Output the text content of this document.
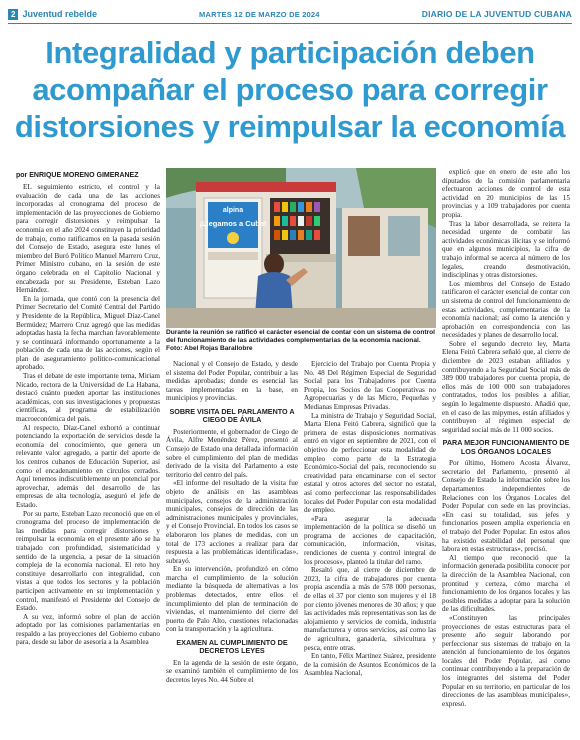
2 Juventud rebelde	MARTES 12 DE MARZO DE 2024	DIARIO DE LA JUVENTUD CUBANA
Integralidad y participación deben acompañar el proceso para corregir distorsiones y reimpulsar la economía
por ENRIQUE MORENO GIMERANEZ

EL seguimiento estricto, el control y la evaluación de cada una de las acciones incorporadas al cronograma del proceso de implementación de las proyecciones de Gobierno para corregir distorsiones y reimpulsar la economía en el año 2024 constituyen la prioridad de trabajo, como ratificamos en la pasada sesión del Consejo de Estado, asegura este lunes el miembro del Buró Político Manuel Marrero Cruz, Primer Ministro cubano, en la sesión de este órgano celebrada en el Capitolio Nacional y encabezada por su Presidente, Esteban Lazo Hernández.

En la jornada, que contó con la presencia del Primer Secretario del Comité Central del Partido y Presidente de la República, Miguel Díaz-Canel Bermúdez; Marrero Cruz agregó que las medidas adoptadas hasta la fecha marchan favorablemente y se continuará informando oportunamente a la población de cada una de las acciones, según el plan de aseguramiento político-comunicacional aprobado.

Tras el debate de este importante tema, Miriam Nicado, rectora de la Universidad de La Habana, destacó cuánto pueden aportar las instituciones académicas, con sus investigaciones y propuestas científicas, al programa de estabilización macroeconómica del país.

Al respecto, Díaz-Canel exhortó a continuar potenciando la exportación de servicios desde la economía del conocimiento, que genera un relevante valor agregado, a partir del aporte de los centros cubanos de Educación Superior, así como el encadenamiento en círculos cerrados. Aquí tenemos indiscutiblemente un potencial por aprovechar, además del desarrollo de las empresas de alta tecnología, aseguró el jefe de Estado.

Por su parte, Esteban Lazo reconoció que en el cronograma del proceso de implementación de las medidas para corregir distorsiones y reimpulsar la economía en el presente año se ha trabajado con profundidad, sistematicidad y sentido de la urgencia, a pesar de la situación compleja de la economía nacional. El reto hoy constituye desarrollarlo con integralidad, con vistas a que todos los sectores y la población participen activamente en su implementación y control, manifestó el Presidente del Consejo de Estado.

A su vez, informó sobre el plan de acción adoptado por las comisiones parlamentarias en respaldo a las proyecciones del Gobierno cubano para, desde su labor de asesoría a la Asamblea

alpina
¡Llegamos a Cuba!
Durante la reunión se ratificó el carácter esencial de contar con un sistema de control del funcionamiento de las actividades complementarias de la economía nacional. Foto: Abel Rojas Barallobre

Nacional y el Consejo de Estado, y desde el sistema del Poder Popular, contribuir a las medidas aprobadas; donde es esencial las tareas implementadas en la base, en municipios y provincias.

SOBRE VISITA DEL PARLAMENTO A CIEGO DE ÁVILA

Posteriormente, el gobernador de Ciego de Ávila, Alfre Menéndez Pérez, presentó al Consejo de Estado una detallada información sobre el cumplimiento del plan de medidas derivado de la visita del Parlamento a este territorio del centro del país.

«El informe del resultado de la visita fue objeto de análisis en las asambleas municipales, consejos de la administración municipales, consejos de dirección de las administraciones municipales y provinciales, y el Consejo Provincial. En todos los casos se elaboraron los planes de medidas, con un total de 173 acciones a realizar para dar respuesta a las problemáticas identificadas», subrayó.

En su intervención, profundizó en cómo marcha el cumplimiento de la solución mediante la búsqueda de alternativas a los problemas detectados, entre ellos el incumplimiento del plan de terminación de viviendas, el mantenimiento del cierre del puerto de Palo Alto, cuestiones relacionadas con la transportación y la agricultura.

EXAMEN AL CUMPLIMIENTO DE DECRETOS LEYES

En la agenda de la sesión de este órgano, se examinó también el cumplimiento de los decretos leyes No. 44 Sobre el

Ejercicio del Trabajo por Cuenta Propia y No. 48 Del Régimen Especial de Seguridad Social para los Trabajadores por Cuenta Propia, los Socios de las Cooperativas no Agropecuarias y de las Micro, Pequeñas y Medianas Empresas Privadas.

La ministra de Trabajo y Seguridad Social, Marta Elena Feitó Cabrera, significó que la primera de estas disposiciones normativas entró en vigor en septiembre de 2021, con el objetivo de perfeccionar esta modalidad de empleo como parte de la Estrategia Económico-Social del país, reconociendo su creatividad para encaminarse con el sector estatal y otros actores del sector no estatal, así como perfeccionar las responsabilidades locales del Poder Popular con esta modalidad de empleo.

«Para asegurar la adecuada implementación de la política se diseñó un programa de acciones de capacitación, comunicación, información, visitas, rendiciones de cuenta y control integral de los procesos», planteó la titular del ramo.

Resaltó que, al cierre de diciembre de 2023, la cifra de trabajadores por cuenta propia ascendía a más de 578 000 personas, de ellas el 37 por ciento son mujeres y el 18 por ciento jóvenes menores de 30 años; y que las actividades más representativas son las de alojamiento y servicios de comida, industria manufacturera y otros servicios, así como las de agricultura, ganadería, silvicultura y pesca, entre otras.

En tanto, Félix Martínez Suárez, presidente de la comisión de Asuntos Económicos de la Asamblea Nacional,

explicó que en enero de este año los diputados de la comisión parlamentaria efectuaron acciones de control de esta actividad en 20 municipios de las 15 provincias y a 109 trabajadores por cuenta propia.

Tras la labor desarrollada, se reitera la necesidad urgente de combatir las actividades económicas ilícitas y se informó que en algunos municipios, la cifra de trabajo informal se acerca al número de los legales, creando desmotivación, indisciplinas y otras distorsiones.

Los miembros del Consejo de Estado ratificaron el carácter esencial de contar con un sistema de control del funcionamiento de estas actividades, complementarias de la economía nacional; así como la atención y aprobación en correspondencia con las necesidades y planes de desarrollo local.

Sobre el segundo decreto ley, Marta Elena Feitó Cabrera señaló que, al cierre de diciembre de 2023 estaban afiliados y contribuyendo a la Seguridad Social más de 389 000 trabajadores por cuenta propia, de ellos más de 100 000 son trabajadores contratados, todos los posibles a afiliar, según lo legalmente dispuesto. Añadió que, en el caso de las mipymes, están afiliados y contribuyen al régimen especial de seguridad social más de 11 000 socios.

PARA MEJOR FUNCIONAMIENTO DE LOS ÓRGANOS LOCALES

Por último, Homero Acosta Álvarez, secretario del Parlamento, presentó al Consejo de Estado la información sobre los departamentos independientes de Relaciones con los Órganos Locales del Poder Popular con sede en las provincias. «En casi su totalidad, sus jefes y funcionarios poseen amplia experiencia en el trabajo del Poder Popular. En estos años ha existido estabilidad del personal que labora en estas estructuras», precisó.

Al tiempo que reconoció que la información generada posibilita conocer por la dirección de la Asamblea Nacional, con prontitud y certeza, cómo marcha el funcionamiento de los órganos locales y las posibles medidas a adoptar para la solución de las dificultades.

«Constituyen las principales proyecciones de estas estructuras para el presente año seguir laborando por perfeccionar sus sistemas de trabajo en la atención al funcionamiento de los órganos locales del Poder Popular, así como continuar contribuyendo a la preparación de los integrantes del sistema del Poder Popular en su territorio, en particular de los direcciones de las asambleas municipales», expresó.
